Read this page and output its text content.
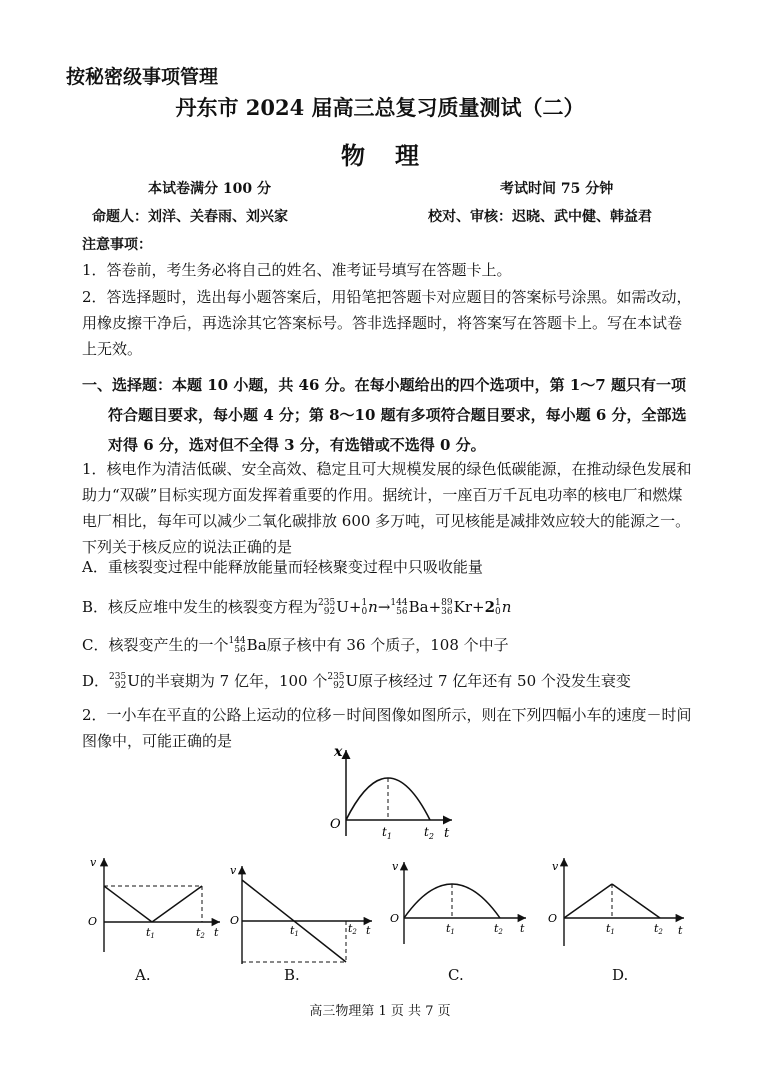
按秘密级事项管理
丹东市 2024 届高三总复习质量测试（二）
物理
本试卷满分 100 分	考试时间 75 分钟
命题人：刘洋、关春雨、刘兴家	校对、审核：迟晓、武中健、韩益君
注意事项：
1．答卷前，考生务必将自己的姓名、准考证号填写在答题卡上。
2．答选择题时，选出每小题答案后，用铅笔把答题卡对应题目的答案标号涂黑。如需改动，用橡皮擦干净后，再选涂其它答案标号。答非选择题时，将答案写在答题卡上。写在本试卷上无效。
一、选择题：本题 10 小题，共 46 分。在每小题给出的四个选项中，第 1～7 题只有一项
符合题目要求，每小题 4 分；第 8～10 题有多项符合题目要求，每小题 6 分，全部选
对得 6 分，选对但不全得 3 分，有选错或不选得 0 分。
1．核电作为清洁低碳、安全高效、稳定且可大规模发展的绿色低碳能源，在推动绿色发展和助力“双碳”目标实现方面发挥着重要的作用。据统计，一座百万千瓦电功率的核电厂和燃煤电厂相比，每年可以减少二氧化碳排放 600 多万吨，可见核能是减排效应较大的能源之一。下列关于核反应的说法正确的是
A．重核裂变过程中能释放能量而轻核聚变过程中只吸收能量
B．核反应堆中发生的核裂变方程为 235
92 U+ 1
0 n→ 144
56 Ba+ 89
36 Kr+2 1
0 n
C．核裂变产生的一个 144
56 Ba原子核中有 36 个质子，108 个中子
D． 235
92 U的半衰期为 7 亿年，100 个 235
92 U原子核经过 7 亿年还有 50 个没发生衰变
2．一小车在平直的公路上运动的位移－时间图像如图所示，则在下列四幅小车的速度－时间图像中，可能正确的是
x
O	$t_1$	$t_2$ t
v
O
t1	t2 t
A.
v
O
t1	t2 t
B.
v
O
t1	t2 t
C.
v
O
t1	t2 t
D.
高三物理第 1 页 共 7 页
